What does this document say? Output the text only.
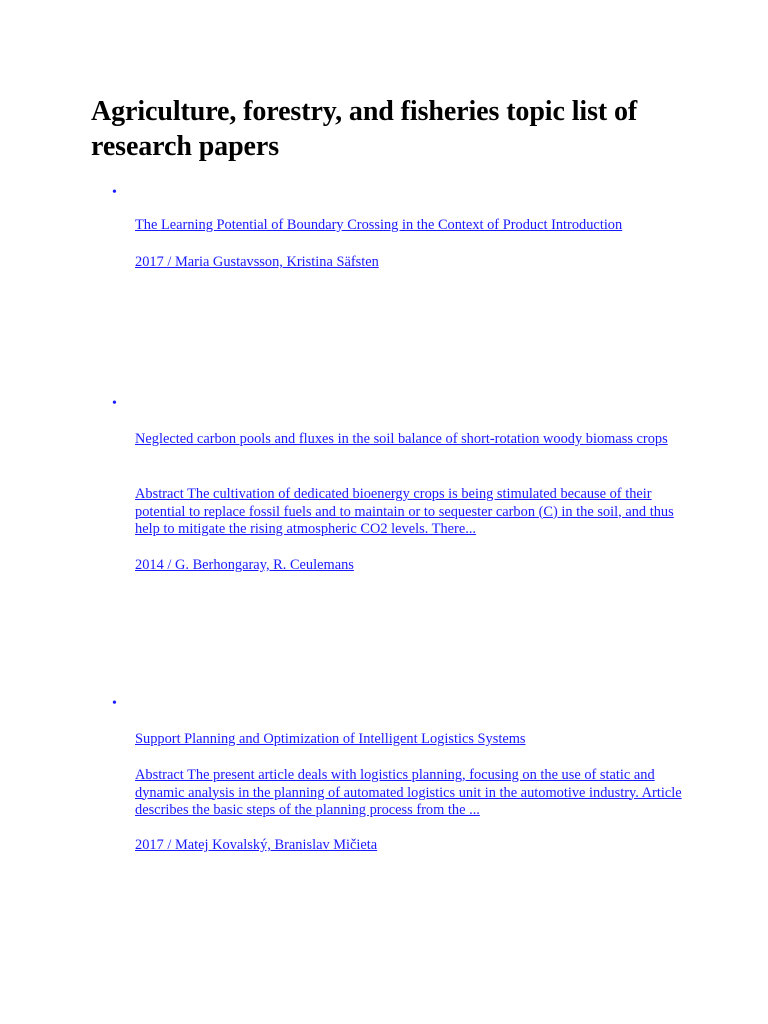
Agriculture, forestry, and fisheries topic list of research papers
•
The Learning Potential of Boundary Crossing in the Context of Product Introduction
2017 / Maria Gustavsson, Kristina Säfsten
•
Neglected carbon pools and fluxes in the soil balance of short-rotation woody biomass crops
Abstract The cultivation of dedicated bioenergy crops is being stimulated because of their potential to replace fossil fuels and to maintain or to sequester carbon (C) in the soil, and thus help to mitigate the rising atmospheric CO2 levels. There...
2014 / G. Berhongaray, R. Ceulemans
•
Support Planning and Optimization of Intelligent Logistics Systems
Abstract The present article deals with logistics planning, focusing on the use of static and dynamic analysis in the planning of automated logistics unit in the automotive industry. Article describes the basic steps of the planning process from the ...
2017 / Matej Kovalský, Branislav Mičieta
